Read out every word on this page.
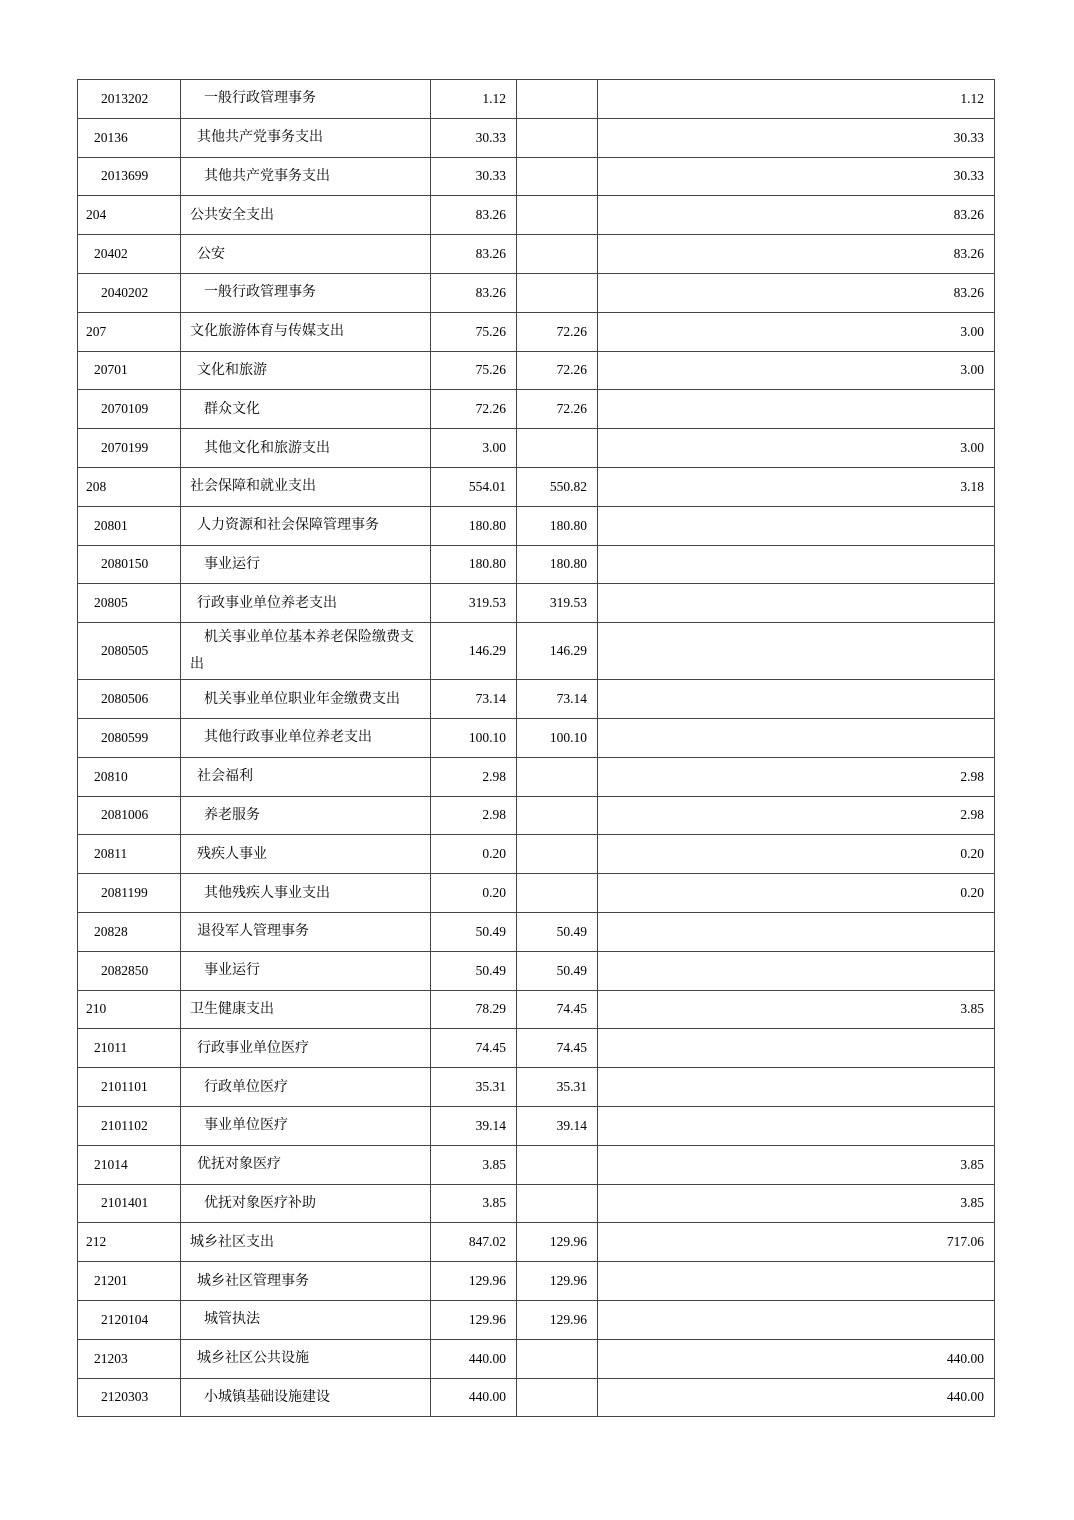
2013202	一般行政管理事务	1.12		1.12
20136	其他共产党事务支出	30.33		30.33
2013699	其他共产党事务支出	30.33		30.33
204	公共安全支出	83.26		83.26
20402	公安	83.26		83.26
2040202	一般行政管理事务	83.26		83.26
207	文化旅游体育与传媒支出	75.26	72.26	3.00
20701	文化和旅游	75.26	72.26	3.00
2070109	群众文化	72.26	72.26	
2070199	其他文化和旅游支出	3.00		3.00
208	社会保障和就业支出	554.01	550.82	3.18
20801	人力资源和社会保障管理事务	180.80	180.80	
2080150	事业运行	180.80	180.80	
20805	行政事业单位养老支出	319.53	319.53	
2080505	机关事业单位基本养老保险缴费支出	146.29	146.29	
2080506	机关事业单位职业年金缴费支出	73.14	73.14	
2080599	其他行政事业单位养老支出	100.10	100.10	
20810	社会福利	2.98		2.98
2081006	养老服务	2.98		2.98
20811	残疾人事业	0.20		0.20
2081199	其他残疾人事业支出	0.20		0.20
20828	退役军人管理事务	50.49	50.49	
2082850	事业运行	50.49	50.49	
210	卫生健康支出	78.29	74.45	3.85
21011	行政事业单位医疗	74.45	74.45	
2101101	行政单位医疗	35.31	35.31	
2101102	事业单位医疗	39.14	39.14	
21014	优抚对象医疗	3.85		3.85
2101401	优抚对象医疗补助	3.85		3.85
212	城乡社区支出	847.02	129.96	717.06
21201	城乡社区管理事务	129.96	129.96	
2120104	城管执法	129.96	129.96	
21203	城乡社区公共设施	440.00		440.00
2120303	小城镇基础设施建设	440.00		440.00
